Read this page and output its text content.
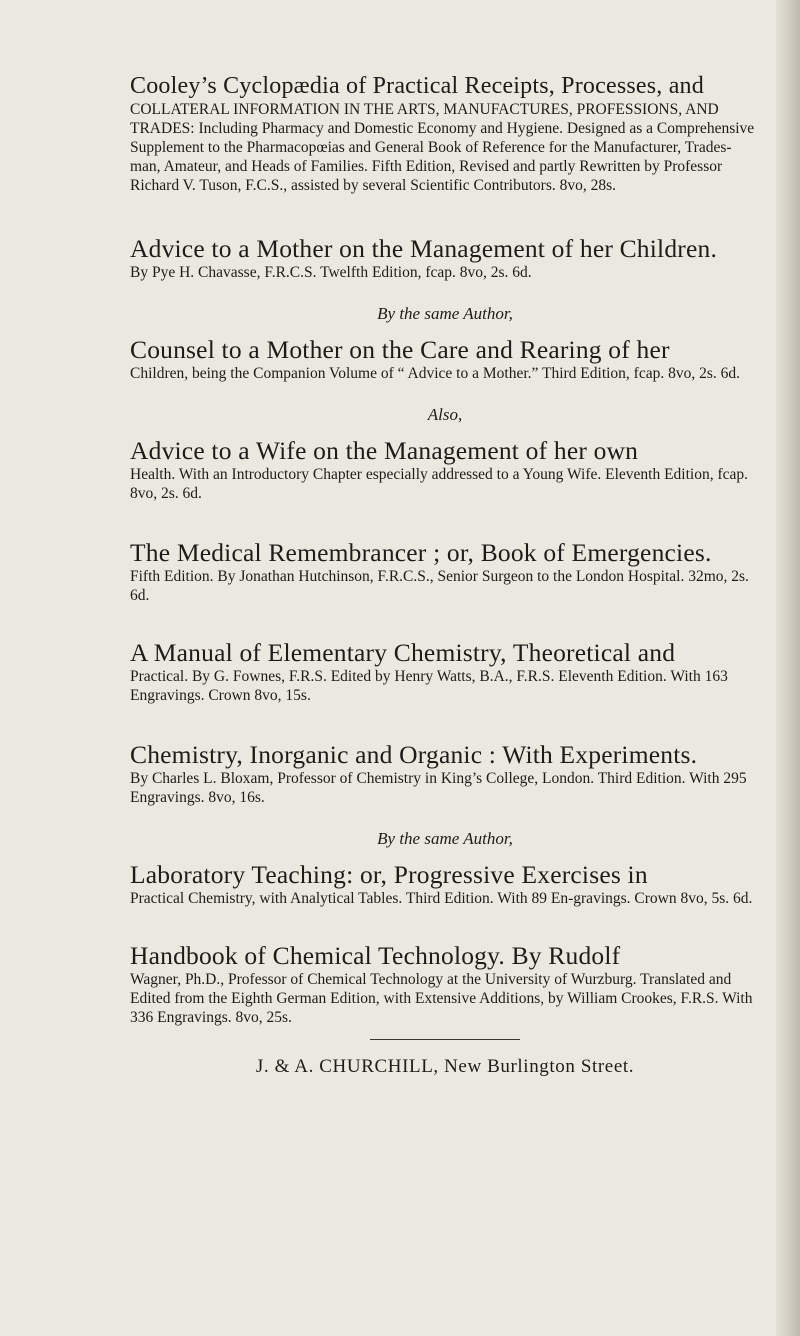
Cooley’s Cyclopædia of Practical Receipts, Processes, and
COLLATERAL INFORMATION IN THE ARTS, MANUFACTURES, PROFESSIONS, AND TRADES: Including Pharmacy and Domestic Economy and Hygiene. Designed as a Comprehensive Supplement to the Pharmacopœias and General Book of Reference for the Manufacturer, Trades-man, Amateur, and Heads of Families. Fifth Edition, Revised and partly Rewritten by Professor Richard V. Tuson, F.C.S., assisted by several Scientific Contributors. 8vo, 28s.

Advice to a Mother on the Management of her Children.
By Pye H. Chavasse, F.R.C.S. Twelfth Edition, fcap. 8vo, 2s. 6d.

By the same Author,

Counsel to a Mother on the Care and Rearing of her
Children, being the Companion Volume of “ Advice to a Mother.” Third Edition, fcap. 8vo, 2s. 6d.

Also,

Advice to a Wife on the Management of her own
Health. With an Introductory Chapter especially addressed to a Young Wife. Eleventh Edition, fcap. 8vo, 2s. 6d.

The Medical Remembrancer ; or, Book of Emergencies.
Fifth Edition. By Jonathan Hutchinson, F.R.C.S., Senior Surgeon to the London Hospital. 32mo, 2s. 6d.

A Manual of Elementary Chemistry, Theoretical and
Practical. By G. Fownes, F.R.S. Edited by Henry Watts, B.A., F.R.S. Eleventh Edition. With 163 Engravings. Crown 8vo, 15s.

Chemistry, Inorganic and Organic : With Experiments.
By Charles L. Bloxam, Professor of Chemistry in King’s College, London. Third Edition. With 295 Engravings. 8vo, 16s.

By the same Author,

Laboratory Teaching: or, Progressive Exercises in
Practical Chemistry, with Analytical Tables. Third Edition. With 89 En-gravings. Crown 8vo, 5s. 6d.

Handbook of Chemical Technology. By Rudolf
Wagner, Ph.D., Professor of Chemical Technology at the University of Wurzburg. Translated and Edited from the Eighth German Edition, with Extensive Additions, by William Crookes, F.R.S. With 336 Engravings. 8vo, 25s.

J. & A. CHURCHILL, New Burlington Street.
